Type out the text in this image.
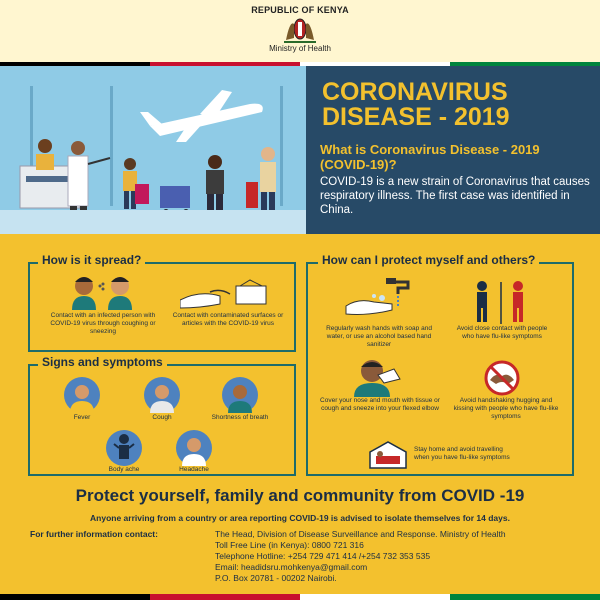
REPUBLIC OF KENYA
Ministry of Health
CORONAVIRUS
DISEASE - 2019
What is Coronavirus Disease - 2019 (COVID-19)?
COVID-19 is a new strain of Coronavirus that causes respiratory illness. The first case was identified in China.
How is it spread?
Contact with an infected person with COVID-19 virus through coughing or sneezing
Contact with contaminated surfaces or articles with the COVID-19 virus
Signs and symptoms
Fever	Cough	Shortness of breath
Body ache	Headache
How can I protect myself and others?
Regularly wash hands with soap and water, or use an alcohol based hand sanitizer
Avoid close contact with people who have flu-like symptoms
Cover your nose and mouth with tissue or cough and sneeze into your flexed elbow
Avoid handshaking hugging and kissing with people who have flu-like symptoms
Stay home and avoid travelling when you have flu-like symptoms
Protect yourself, family and community from COVID -19
Anyone arriving from a country or area reporting COVID-19 is advised to isolate themselves for 14 days.
For further information contact:	The Head, Division of Disease Surveillance and Response. Ministry of Health
Toll Free Line (in Kenya): 0800 721 316
Telephone Hotline: +254 729 471 414 /+254 732 353 535
Email: headidsru.mohkenya@gmail.com
P.O. Box 20781 - 00202 Nairobi.
